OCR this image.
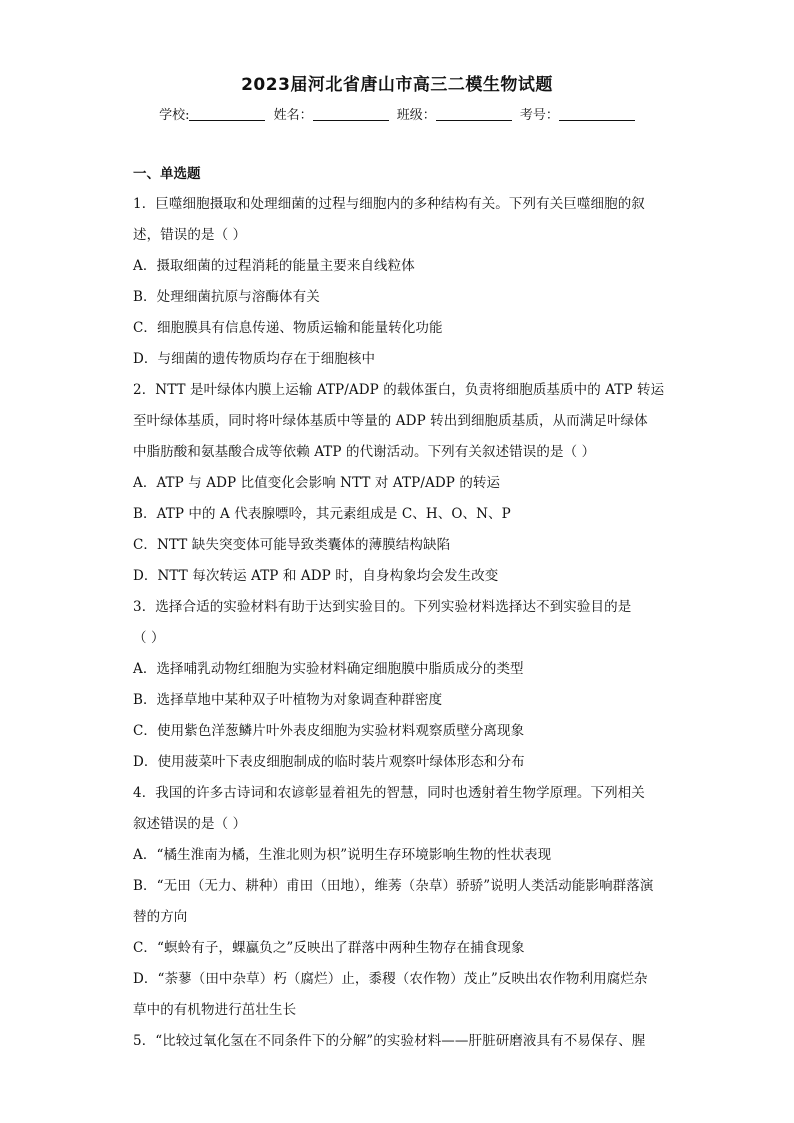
2023届河北省唐山市高三二模生物试题
学校:	姓名：	班级：	考号：
一、单选题
1．巨噬细胞摄取和处理细菌的过程与细胞内的多种结构有关。下列有关巨噬细胞的叙
述，错误的是（ ）
A．摄取细菌的过程消耗的能量主要来自线粒体
B．处理细菌抗原与溶酶体有关
C．细胞膜具有信息传递、物质运输和能量转化功能
D．与细菌的遗传物质均存在于细胞核中
2．NTT 是叶绿体内膜上运输 ATP/ADP 的载体蛋白，负责将细胞质基质中的 ATP 转运
至叶绿体基质，同时将叶绿体基质中等量的 ADP 转出到细胞质基质，从而满足叶绿体
中脂肪酸和氨基酸合成等依赖 ATP 的代谢活动。下列有关叙述错误的是（ ）
A．ATP 与 ADP 比值变化会影响 NTT 对 ATP/ADP 的转运
B．ATP 中的 A 代表腺嘌呤，其元素组成是 C、H、O、N、P
C．NTT 缺失突变体可能导致类囊体的薄膜结构缺陷
D．NTT 每次转运 ATP 和 ADP 时，自身构象均会发生改变
3．选择合适的实验材料有助于达到实验目的。下列实验材料选择达不到实验目的是
（ ）
A．选择哺乳动物红细胞为实验材料确定细胞膜中脂质成分的类型
B．选择草地中某种双子叶植物为对象调查种群密度
C．使用紫色洋葱鳞片叶外表皮细胞为实验材料观察质壁分离现象
D．使用菠菜叶下表皮细胞制成的临时装片观察叶绿体形态和分布
4．我国的许多古诗词和农谚彰显着祖先的智慧，同时也透射着生物学原理。下列相关
叙述错误的是（ ）
A．“橘生淮南为橘，生淮北则为枳”说明生存环境影响生物的性状表现
B．“无田（无力、耕种）甫田（田地），维莠（杂草）骄骄”说明人类活动能影响群落演
替的方向
C．“螟蛉有子，蜾蠃负之”反映出了群落中两种生物存在捕食现象
D．“荼蓼（田中杂草）朽（腐烂）止，黍稷（农作物）茂止”反映出农作物利用腐烂杂
草中的有机物进行茁壮生长
5．“比较过氧化氢在不同条件下的分解”的实验材料——肝脏研磨液具有不易保存、腥
